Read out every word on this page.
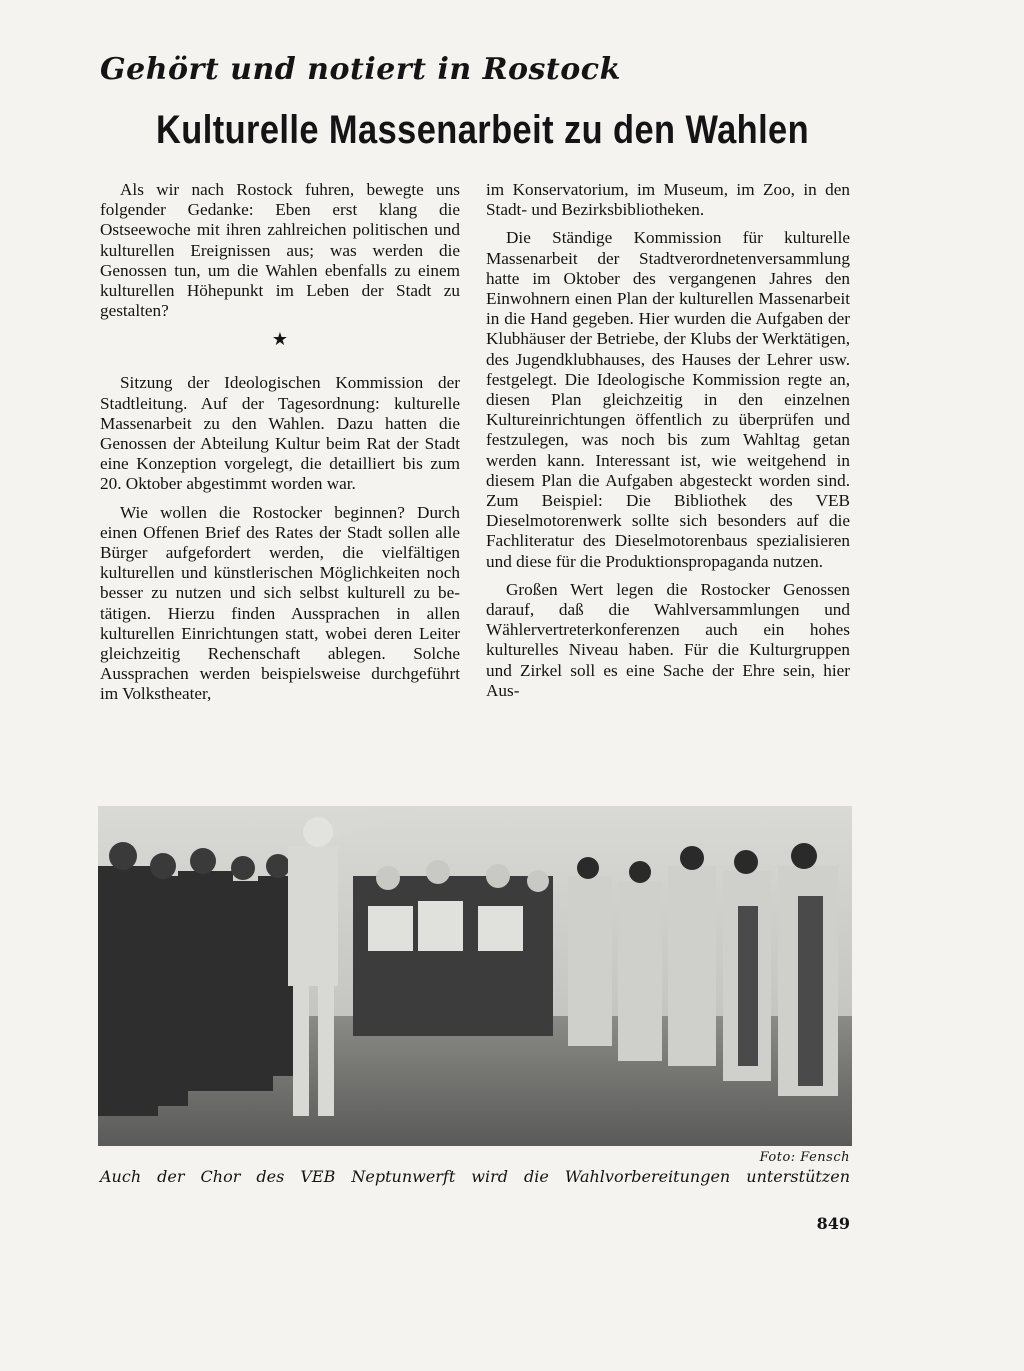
Gehört und notiert in Rostock
Kulturelle Massenarbeit zu den Wahlen

Als wir nach Rostock fuhren, bewegte uns folgender Gedanke: Eben erst klang die Ostseewoche mit ihren zahlreichen politischen und kulturellen Ereignissen aus; was werden die Genossen tun, um die Wahlen ebenfalls zu einem kulturellen Höhepunkt im Leben der Stadt zu gestalten?

★

Sitzung der Ideologischen Kommission der Stadtleitung. Auf der Tagesordnung: kulturelle Massenarbeit zu den Wahlen. Dazu hatten die Genossen der Abteilung Kultur beim Rat der Stadt eine Konzeption vorgelegt, die detailliert bis zum 20. Oktober abgestimmt worden war.

Wie wollen die Rostocker beginnen? Durch einen Offenen Brief des Rates der Stadt sollen alle Bürger aufgefordert werden, die vielfältigen kulturellen und künstlerischen Möglichkeiten noch besser zu nutzen und sich selbst kulturell zu betätigen. Hierzu finden Aussprachen in allen kulturellen Einrichtungen statt, wobei deren Leiter gleichzeitig Rechenschaft ablegen. Solche Aussprachen werden beispielsweise durchgeführt im Volkstheater,

im Konservatorium, im Museum, im Zoo, in den Stadt- und Bezirksbibliotheken.

Die Ständige Kommission für kulturelle Massenarbeit der Stadtverordnetenversammlung hatte im Oktober des vergangenen Jahres den Einwohnern einen Plan der kulturellen Massenarbeit in die Hand gegeben. Hier wurden die Aufgaben der Klubhäuser der Betriebe, der Klubs der Werktätigen, des Jugendklubhauses, des Hauses der Lehrer usw. festgelegt. Die Ideologische Kommission regte an, diesen Plan gleichzeitig in den einzelnen Kultureinrichtungen öffentlich zu überprüfen und festzulegen, was noch bis zum Wahltag getan werden kann. Interessant ist, wie weitgehend in diesem Plan die Aufgaben abgesteckt worden sind. Zum Beispiel: Die Bibliothek des VEB Dieselmotorenwerk sollte sich besonders auf die Fachliteratur des Dieselmotorenbaus spezialisieren und diese für die Produktionspropaganda nutzen.

Großen Wert legen die Rostocker Genossen darauf, daß die Wahlversammlungen und Wählervertreterkonferenzen auch ein hohes kulturelles Niveau haben. Für die Kulturgruppen und Zirkel soll es eine Sache der Ehre sein, hier Aus-

Foto: Fensch
Auch der Chor des VEB Neptunwerft wird die Wahlvorbereitungen unterstützen
849
